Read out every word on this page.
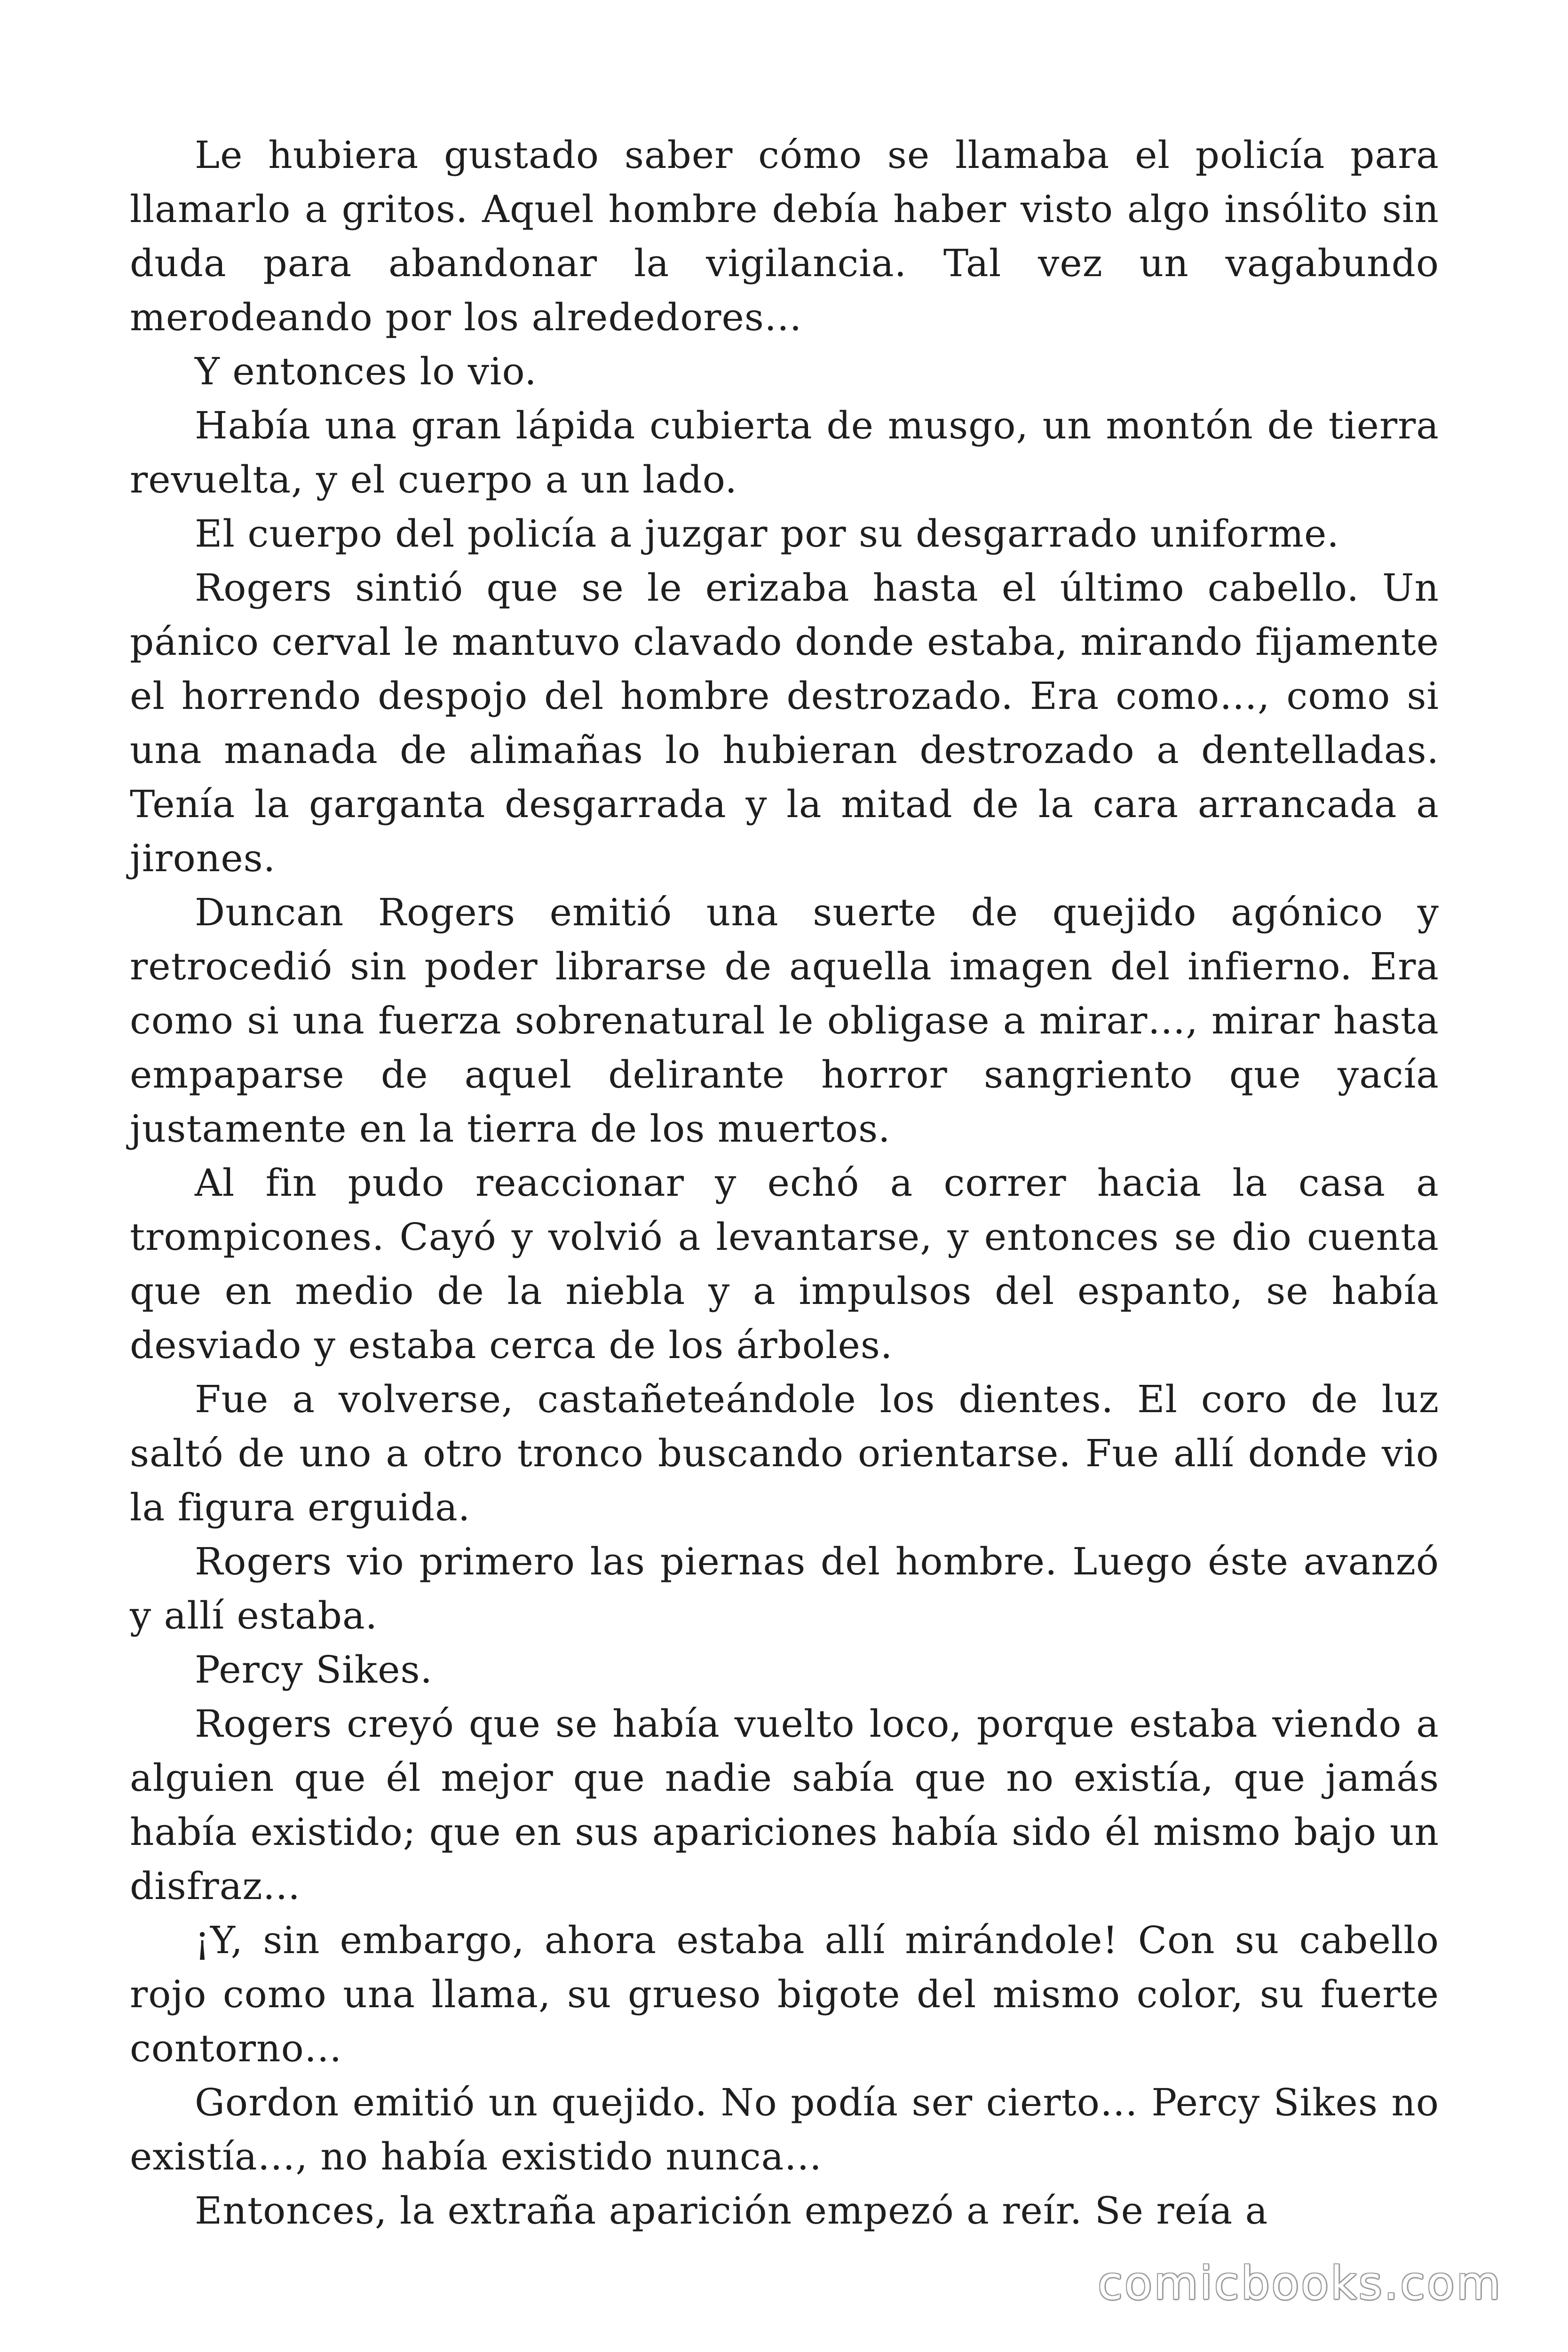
Le hubiera gustado saber cómo se llamaba el policía para llamarlo a gritos. Aquel hombre debía haber visto algo insólito sin duda para abandonar la vigilancia. Tal vez un vagabundo merodeando por los alrededores…

Y entonces lo vio.

Había una gran lápida cubierta de musgo, un montón de tierra revuelta, y el cuerpo a un lado.

El cuerpo del policía a juzgar por su desgarrado uniforme.

Rogers sintió que se le erizaba hasta el último cabello. Un pánico cerval le mantuvo clavado donde estaba, mirando fijamente el horrendo despojo del hombre destrozado. Era como…, como si una manada de alimañas lo hubieran destrozado a dentelladas. Tenía la garganta desgarrada y la mitad de la cara arrancada a jirones.

Duncan Rogers emitió una suerte de quejido agónico y retrocedió sin poder librarse de aquella imagen del infierno. Era como si una fuerza sobrenatural le obligase a mirar…, mirar hasta empaparse de aquel delirante horror sangriento que yacía justamente en la tierra de los muertos.

Al fin pudo reaccionar y echó a correr hacia la casa a trompicones. Cayó y volvió a levantarse, y entonces se dio cuenta que en medio de la niebla y a impulsos del espanto, se había desviado y estaba cerca de los árboles.

Fue a volverse, castañeteándole los dientes. El coro de luz saltó de uno a otro tronco buscando orientarse. Fue allí donde vio la figura erguida.

Rogers vio primero las piernas del hombre. Luego éste avanzó y allí estaba.

Percy Sikes.

Rogers creyó que se había vuelto loco, porque estaba viendo a alguien que él mejor que nadie sabía que no existía, que jamás había existido; que en sus apariciones había sido él mismo bajo un disfraz…

¡Y, sin embargo, ahora estaba allí mirándole! Con su cabello rojo como una llama, su grueso bigote del mismo color, su fuerte contorno…

Gordon emitió un quejido. No podía ser cierto… Percy Sikes no existía…, no había existido nunca…

Entonces, la extraña aparición empezó a reír. Se reía a

comicbooks.com
